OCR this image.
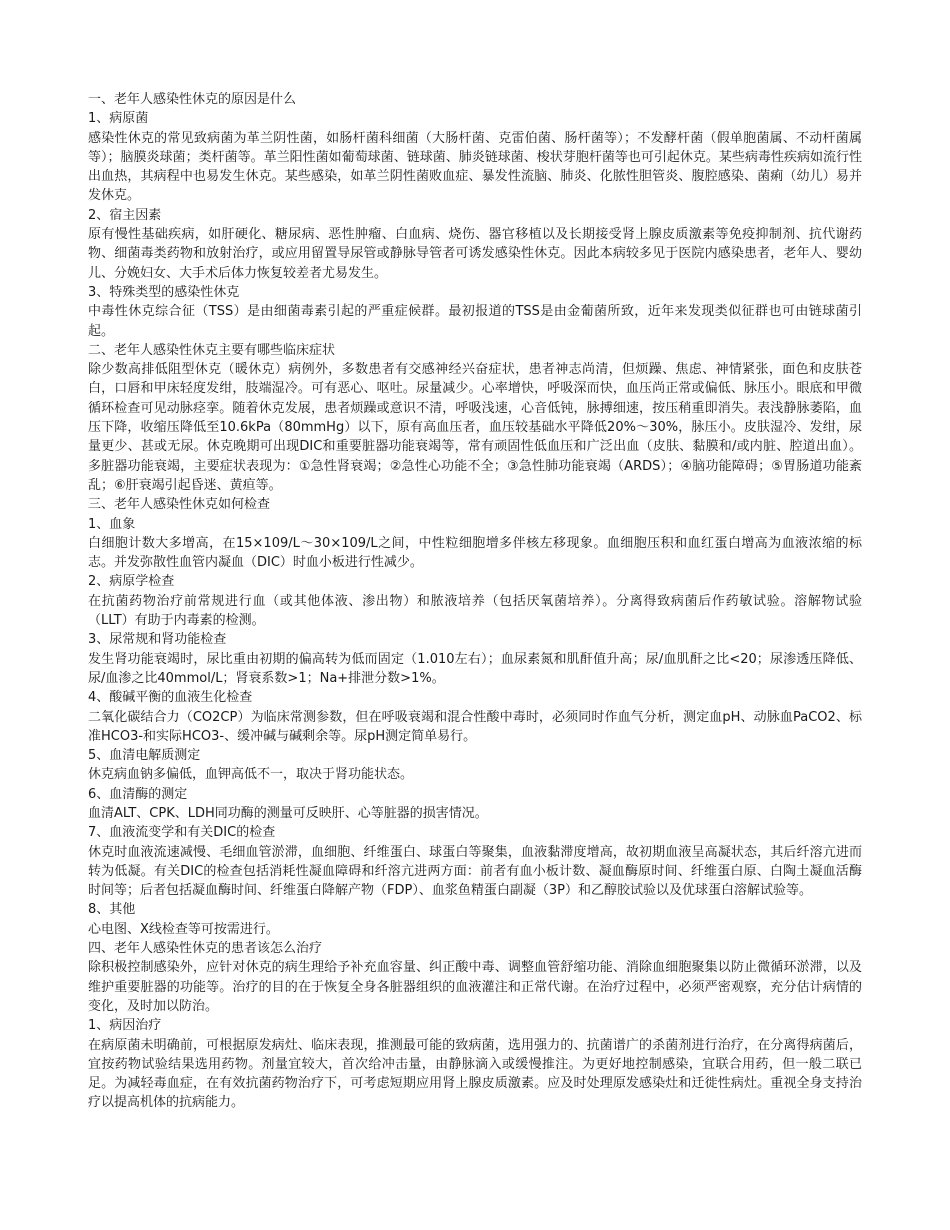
一、老年人感染性休克的原因是什么

1、病原菌

感染性休克的常见致病菌为革兰阴性菌，如肠杆菌科细菌（大肠杆菌、克雷伯菌、肠杆菌等）；不发酵杆菌（假单胞菌属、不动杆菌属等）；脑膜炎球菌；类杆菌等。革兰阳性菌如葡萄球菌、链球菌、肺炎链球菌、梭状芽胞杆菌等也可引起休克。某些病毒性疾病如流行性出血热，其病程中也易发生休克。某些感染，如革兰阴性菌败血症、暴发性流脑、肺炎、化脓性胆管炎、腹腔感染、菌痢（幼儿）易并发休克。

2、宿主因素

原有慢性基础疾病，如肝硬化、糖尿病、恶性肿瘤、白血病、烧伤、器官移植以及长期接受肾上腺皮质激素等免疫抑制剂、抗代谢药物、细菌毒类药物和放射治疗，或应用留置导尿管或静脉导管者可诱发感染性休克。因此本病较多见于医院内感染患者，老年人、婴幼儿、分娩妇女、大手术后体力恢复较差者尤易发生。

3、特殊类型的感染性休克

中毒性休克综合征（TSS）是由细菌毒素引起的严重症候群。最初报道的TSS是由金葡菌所致，近年来发现类似征群也可由链球菌引起。

二、老年人感染性休克主要有哪些临床症状

除少数高排低阻型休克（暖休克）病例外，多数患者有交感神经兴奋症状，患者神志尚清，但烦躁、焦虑、神情紧张，面色和皮肤苍白，口唇和甲床轻度发绀，肢端湿冷。可有恶心、呕吐。尿量减少。心率增快，呼吸深而快，血压尚正常或偏低、脉压小。眼底和甲微循环检查可见动脉痉挛。随着休克发展，患者烦躁或意识不清，呼吸浅速，心音低钝，脉搏细速，按压稍重即消失。表浅静脉萎陷，血压下降，收缩压降低至10.6kPa（80mmHg）以下，原有高血压者，血压较基础水平降低20%～30%，脉压小。皮肤湿冷、发绀，尿量更少、甚或无尿。休克晚期可出现DIC和重要脏器功能衰竭等，常有顽固性低血压和广泛出血（皮肤、黏膜和/或内脏、腔道出血）。多脏器功能衰竭，主要症状表现为：①急性肾衰竭；②急性心功能不全；③急性肺功能衰竭（ARDS）；④脑功能障碍；⑤胃肠道功能紊乱；⑥肝衰竭引起昏迷、黄疸等。

三、老年人感染性休克如何检查

1、血象

白细胞计数大多增高，在15×109/L～30×109/L之间，中性粒细胞增多伴核左移现象。血细胞压积和血红蛋白增高为血液浓缩的标志。并发弥散性血管内凝血（DIC）时血小板进行性减少。

2、病原学检查

在抗菌药物治疗前常规进行血（或其他体液、渗出物）和脓液培养（包括厌氧菌培养）。分离得致病菌后作药敏试验。溶解物试验（LLT）有助于内毒素的检测。

3、尿常规和肾功能检查

发生肾功能衰竭时，尿比重由初期的偏高转为低而固定（1.010左右）；血尿素氮和肌酐值升高；尿/血肌酐之比<20；尿渗透压降低、尿/血渗之比40mmol/L；肾衰系数>1；Na+排泄分数>1%。

4、酸碱平衡的血液生化检查

二氧化碳结合力（CO2CP）为临床常测参数，但在呼吸衰竭和混合性酸中毒时，必须同时作血气分析，测定血pH、动脉血PaCO2、标准HCO3-和实际HCO3-、缓冲碱与碱剩余等。尿pH测定简单易行。

5、血清电解质测定

休克病血钠多偏低，血钾高低不一，取决于肾功能状态。

6、血清酶的测定

血清ALT、CPK、LDH同功酶的测量可反映肝、心等脏器的损害情况。

7、血液流变学和有关DIC的检查

休克时血液流速减慢、毛细血管淤滞，血细胞、纤维蛋白、球蛋白等聚集，血液黏滞度增高，故初期血液呈高凝状态，其后纤溶亢进而转为低凝。有关DIC的检查包括消耗性凝血障碍和纤溶亢进两方面：前者有血小板计数、凝血酶原时间、纤维蛋白原、白陶土凝血活酶时间等；后者包括凝血酶时间、纤维蛋白降解产物（FDP）、血浆鱼精蛋白副凝（3P）和乙醇胶试验以及优球蛋白溶解试验等。

8、其他

心电图、X线检查等可按需进行。

四、老年人感染性休克的患者该怎么治疗

除积极控制感染外，应针对休克的病生理给予补充血容量、纠正酸中毒、调整血管舒缩功能、消除血细胞聚集以防止微循环淤滞，以及维护重要脏器的功能等。治疗的目的在于恢复全身各脏器组织的血液灌注和正常代谢。在治疗过程中，必须严密观察，充分估计病情的变化，及时加以防治。

1、病因治疗

在病原菌未明确前，可根据原发病灶、临床表现，推测最可能的致病菌，选用强力的、抗菌谱广的杀菌剂进行治疗，在分离得病菌后，宜按药物试验结果选用药物。剂量宜较大，首次给冲击量，由静脉滴入或缓慢推注。为更好地控制感染，宜联合用药，但一般二联已足。为减轻毒血症，在有效抗菌药物治疗下，可考虑短期应用肾上腺皮质激素。应及时处理原发感染灶和迁徙性病灶。重视全身支持治疗以提高机体的抗病能力。
